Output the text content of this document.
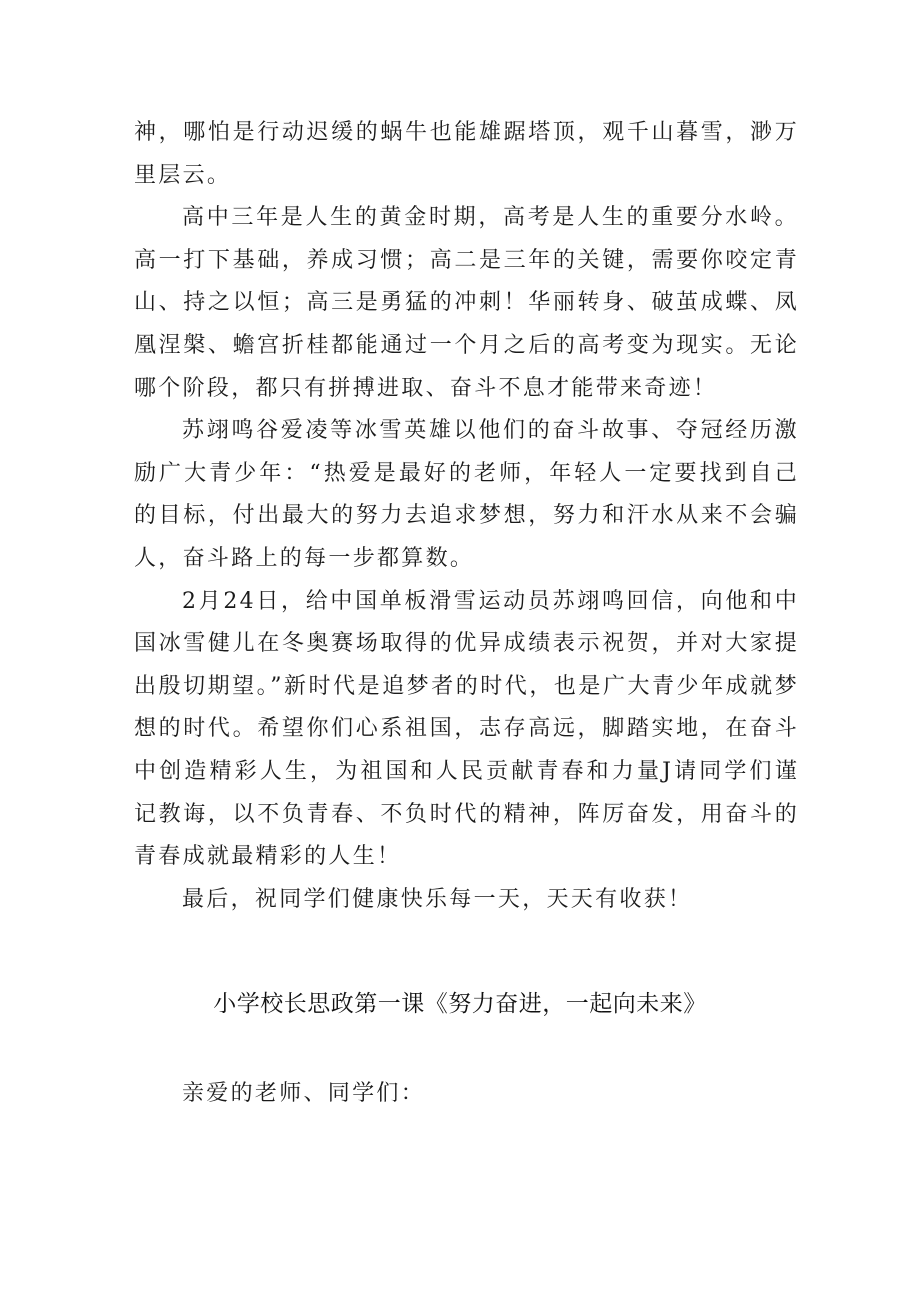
神，哪怕是行动迟缓的蜗牛也能雄踞塔顶，观千山暮雪，渺万里层云。

高中三年是人生的黄金时期，高考是人生的重要分水岭。高一打下基础，养成习惯；高二是三年的关键，需要你咬定青山、持之以恒；高三是勇猛的冲刺！华丽转身、破茧成蝶、凤凰涅槃、蟾宫折桂都能通过一个月之后的高考变为现实。无论哪个阶段，都只有拼搏进取、奋斗不息才能带来奇迹！

苏翊鸣谷爱凌等冰雪英雄以他们的奋斗故事、夺冠经历激励广大青少年：“热爱是最好的老师，年轻人一定要找到自己的目标，付出最大的努力去追求梦想，努力和汗水从来不会骗人，奋斗路上的每一步都算数。

2月24日，给中国单板滑雪运动员苏翊鸣回信，向他和中国冰雪健儿在冬奥赛场取得的优异成绩表示祝贺，并对大家提出殷切期望。”新时代是追梦者的时代，也是广大青少年成就梦想的时代。希望你们心系祖国，志存高远，脚踏实地，在奋斗中创造精彩人生，为祖国和人民贡献青春和力量J请同学们谨记教诲，以不负青春、不负时代的精神，阵厉奋发，用奋斗的青春成就最精彩的人生！

最后，祝同学们健康快乐每一天，天天有收获！

小学校长思政第一课《努力奋进，一起向未来》
亲爱的老师、同学们：
